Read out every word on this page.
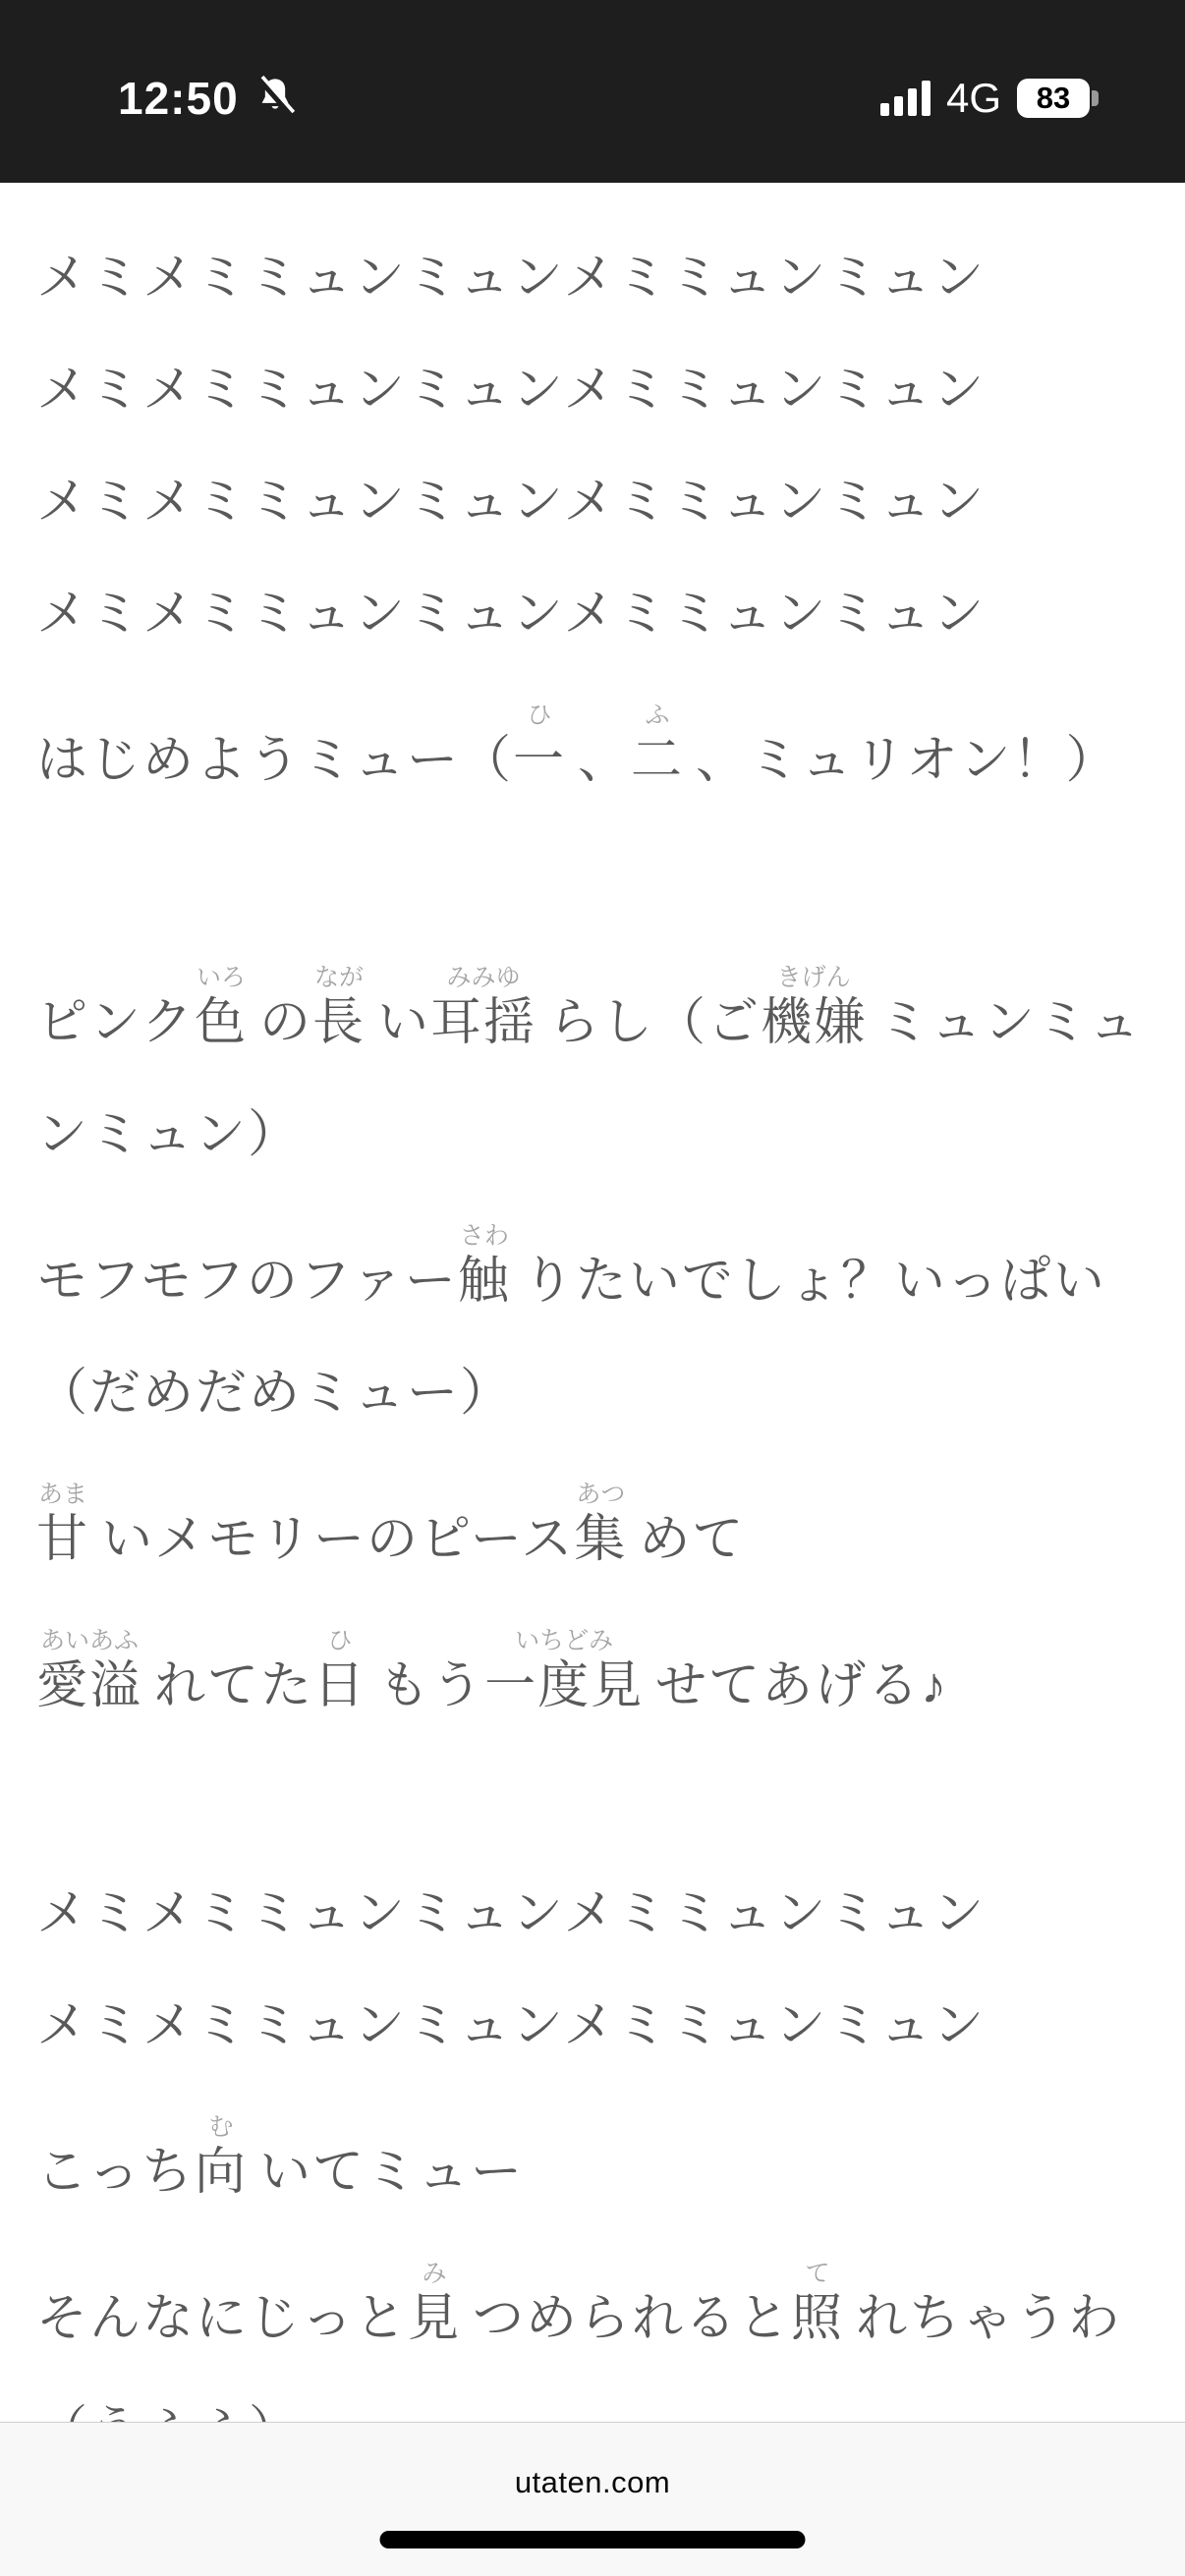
12:50	4G	83

メミメミミュンミュンメミミュンミュン

メミメミミュンミュンメミミュンミュン

メミメミミュンミュンメミミュンミュン

メミメミミュンミュンメミミュンミュン

はじめようミュー（
ひ
一 、
ふ
二 、ミュリオン！）

ピンク
いろ
色 の
なが
長 い
みみゆ
耳揺 らし（ご
きげん
機嫌 ミュンミュンミュン）

モフモフのファー
さわ
触 りたいでしょ？いっぱい

（だめだめミュー）

あま
甘 いメモリーのピース
あつ
集 めて

あいあふ
愛溢 れてた
ひ
日 もう
いちどみ
一度見 せてあげる♪

メミメミミュンミュンメミミュンミュン

メミメミミュンミュンメミミュンミュン

こっち
む
向 いてミュー

そんなにじっと
み
見 つめられると
て
照 れちゃうわ

utaten.com
